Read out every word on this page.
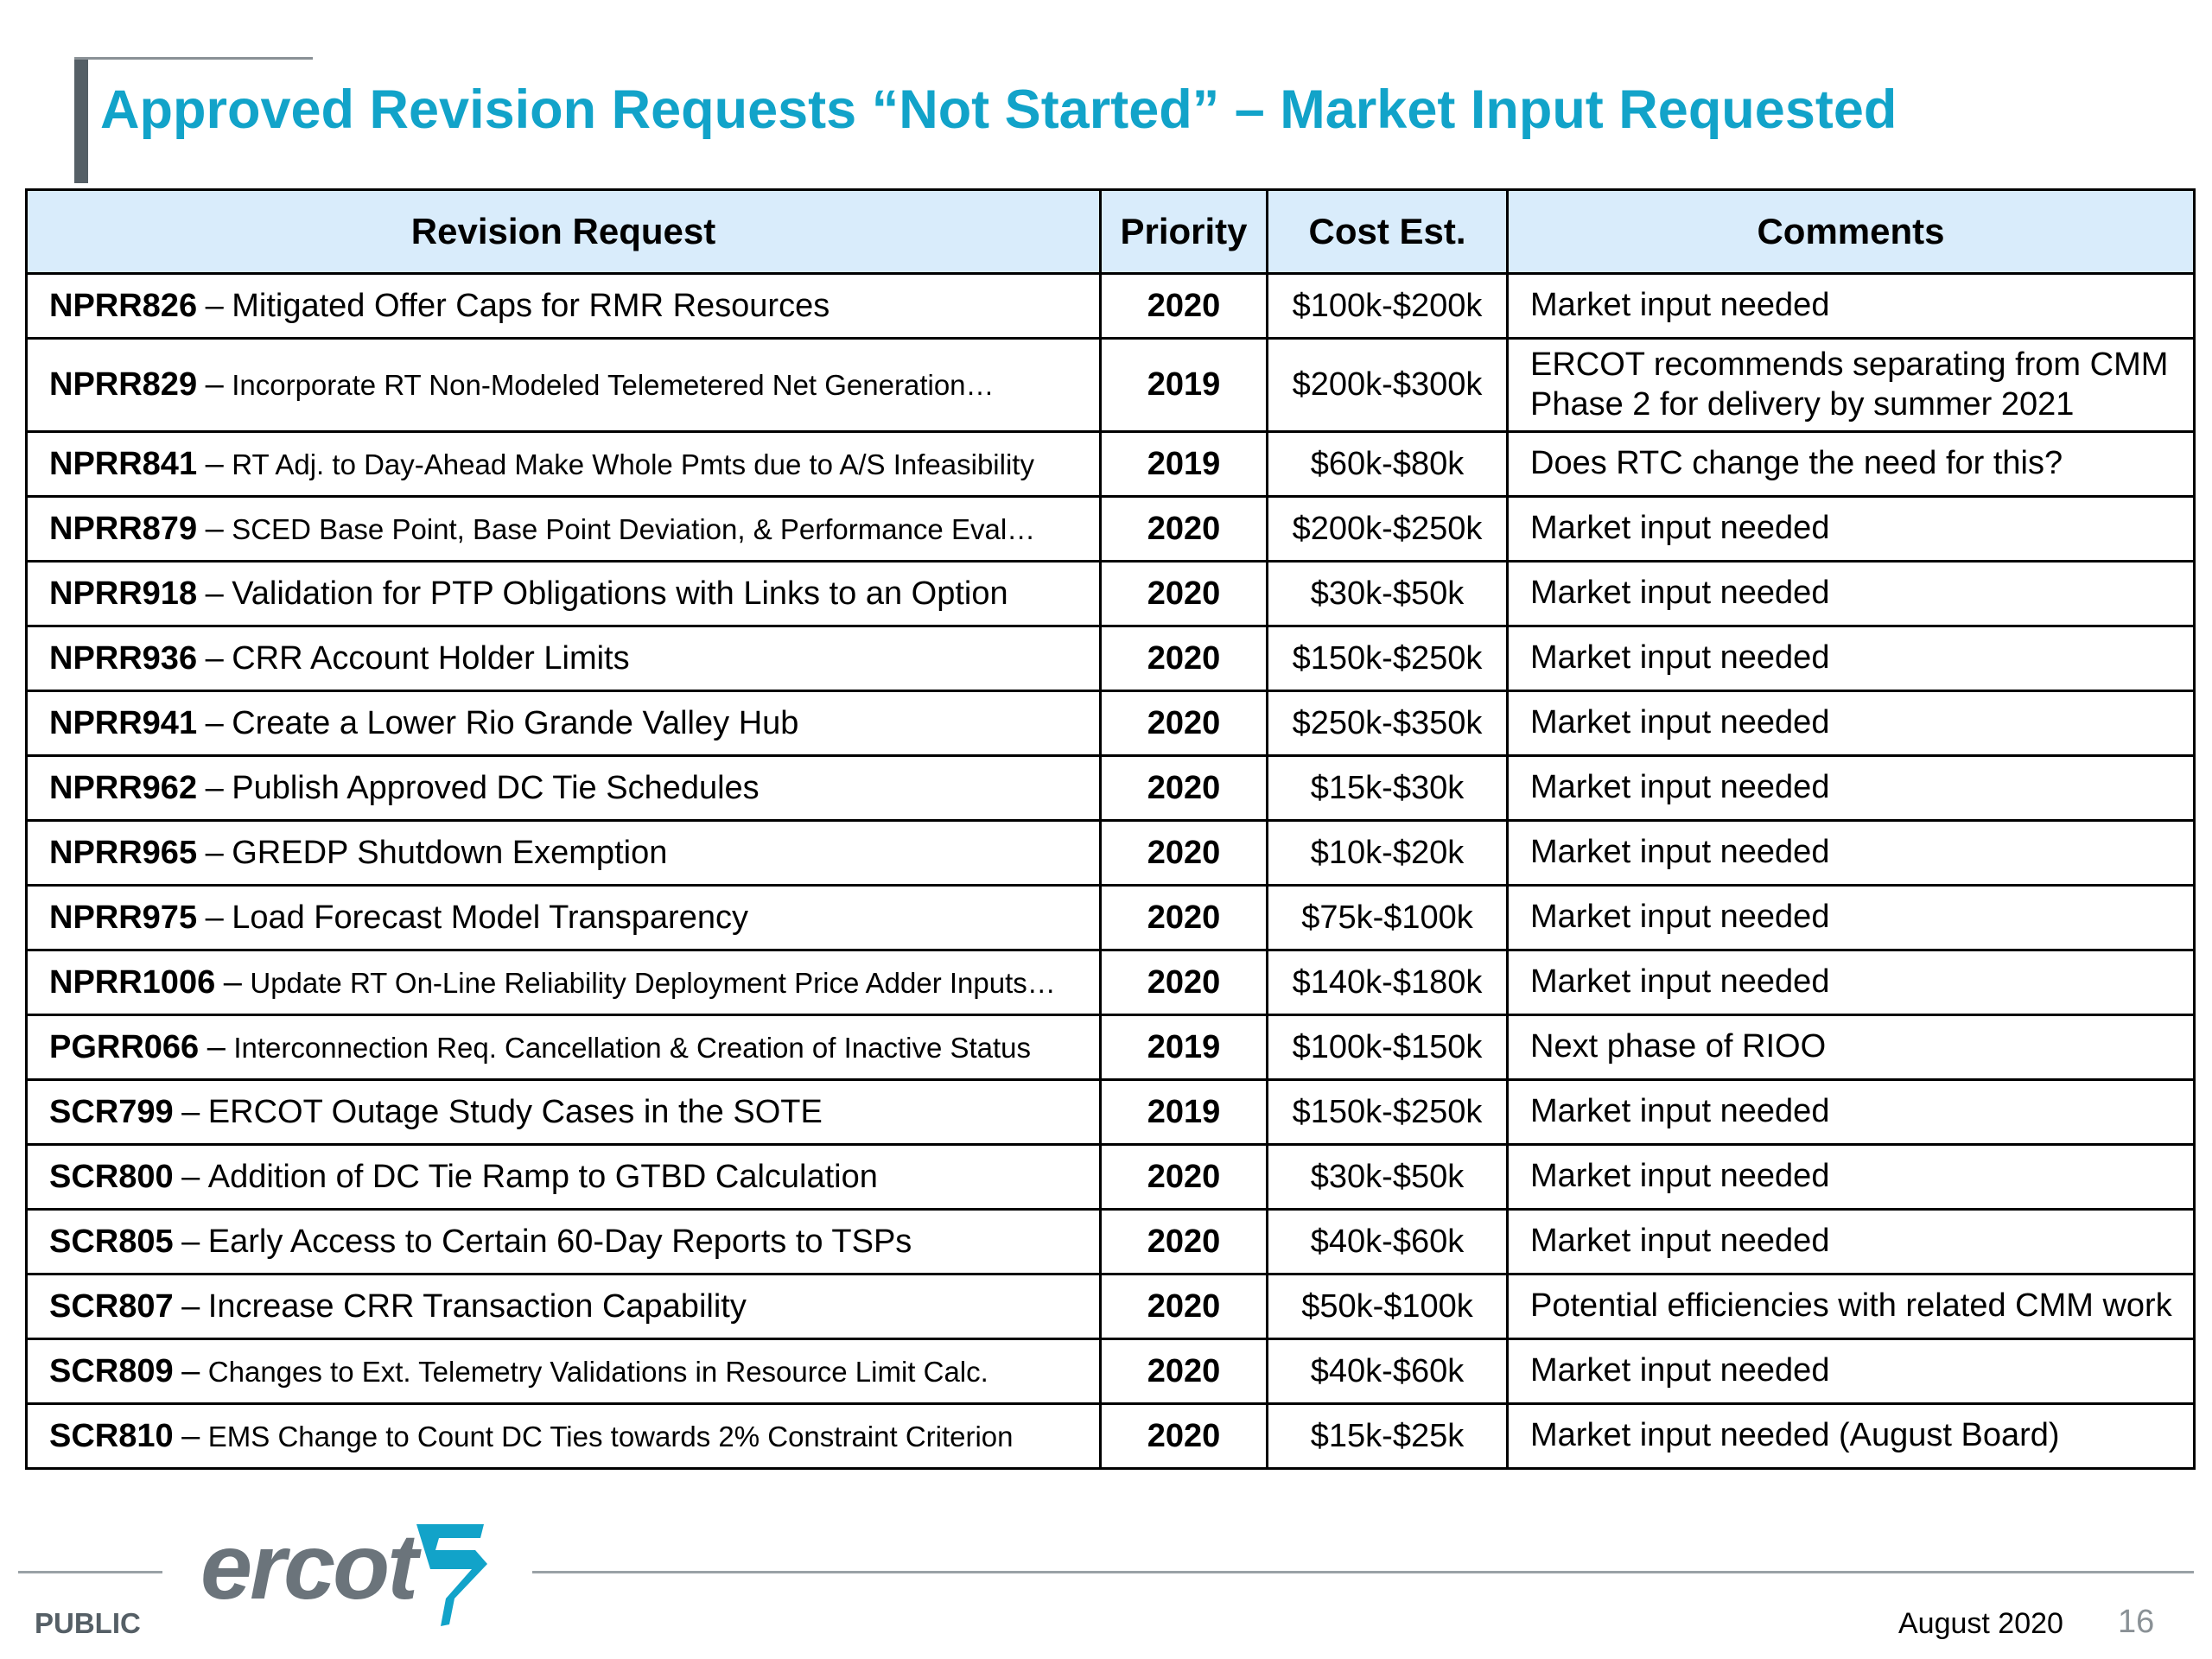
Approved Revision Requests “Not Started” – Market Input Requested
Revision Request	Priority	Cost Est.	Comments
NPRR826 – Mitigated Offer Caps for RMR Resources	2020	$100k-$200k	Market input needed
NPRR829 – Incorporate RT Non-Modeled Telemetered Net Generation…	2019	$200k-$300k	ERCOT recommends separating from CMM Phase 2 for delivery by summer 2021
NPRR841 – RT Adj. to Day-Ahead Make Whole Pmts due to A/S Infeasibility	2019	$60k-$80k	Does RTC change the need for this?
NPRR879 – SCED Base Point, Base Point Deviation, & Performance Eval…	2020	$200k-$250k	Market input needed
NPRR918 – Validation for PTP Obligations with Links to an Option	2020	$30k-$50k	Market input needed
NPRR936 – CRR Account Holder Limits	2020	$150k-$250k	Market input needed
NPRR941 – Create a Lower Rio Grande Valley Hub	2020	$250k-$350k	Market input needed
NPRR962 – Publish Approved DC Tie Schedules	2020	$15k-$30k	Market input needed
NPRR965 – GREDP Shutdown Exemption	2020	$10k-$20k	Market input needed
NPRR975 – Load Forecast Model Transparency	2020	$75k-$100k	Market input needed
NPRR1006 – Update RT On-Line Reliability Deployment Price Adder Inputs…	2020	$140k-$180k	Market input needed
PGRR066 – Interconnection Req. Cancellation & Creation of Inactive Status	2019	$100k-$150k	Next phase of RIOO
SCR799 – ERCOT Outage Study Cases in the SOTE	2019	$150k-$250k	Market input needed
SCR800 – Addition of DC Tie Ramp to GTBD Calculation	2020	$30k-$50k	Market input needed
SCR805 – Early Access to Certain 60-Day Reports to TSPs	2020	$40k-$60k	Market input needed
SCR807 – Increase CRR Transaction Capability	2020	$50k-$100k	Potential efficiencies with related CMM work
SCR809 – Changes to Ext. Telemetry Validations in Resource Limit Calc.	2020	$40k-$60k	Market input needed
SCR810 – EMS Change to Count DC Ties towards 2% Constraint Criterion	2020	$15k-$25k	Market input needed (August Board)
ercot
PUBLIC	August 2020 16
